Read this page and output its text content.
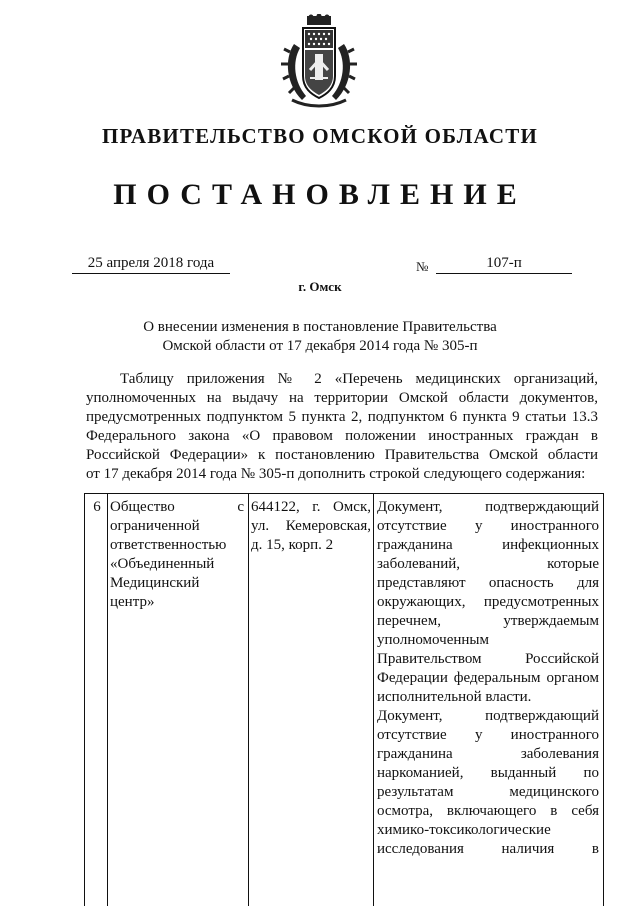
ПРАВИТЕЛЬСТВО ОМСКОЙ ОБЛАСТИ
ПОСТАНОВЛЕНИЕ
25 апреля 2018 года	№	107-п
г. Омск
О внесении изменения в постановление Правительства
Омской области от 17 декабря 2014 года № 305-п
Таблицу приложения № 2 «Перечень медицинских организаций,
уполномоченных на выдачу на территории Омской области документов,
предусмотренных подпунктом 5 пункта 2, подпунктом 6 пункта 9 статьи 13.3
Федерального закона «О правовом положении иностранных граждан в
Российской Федерации» к постановлению Правительства Омской области
от 17 декабря 2014 года № 305-п дополнить строкой следующего содержания:
6 Общество с
ограниченной
ответственностью
«Объединенный
Медицинский
центр»
644122, г. Омск,
ул. Кемеровская,
д. 15, корп. 2
Документ, подтверждающий
отсутствие у иностранного
гражданина инфекционных
заболеваний, которые
представляют опасность для
окружающих, предусмотренных
перечнем, утверждаемым
уполномоченным
Правительством Российской
Федерации федеральным органом
исполнительной власти.
Документ, подтверждающий
отсутствие у иностранного
гражданина заболевания
наркоманией, выданный по
результатам медицинского
осмотра, включающего в себя
химико-токсикологические
исследования наличия в
